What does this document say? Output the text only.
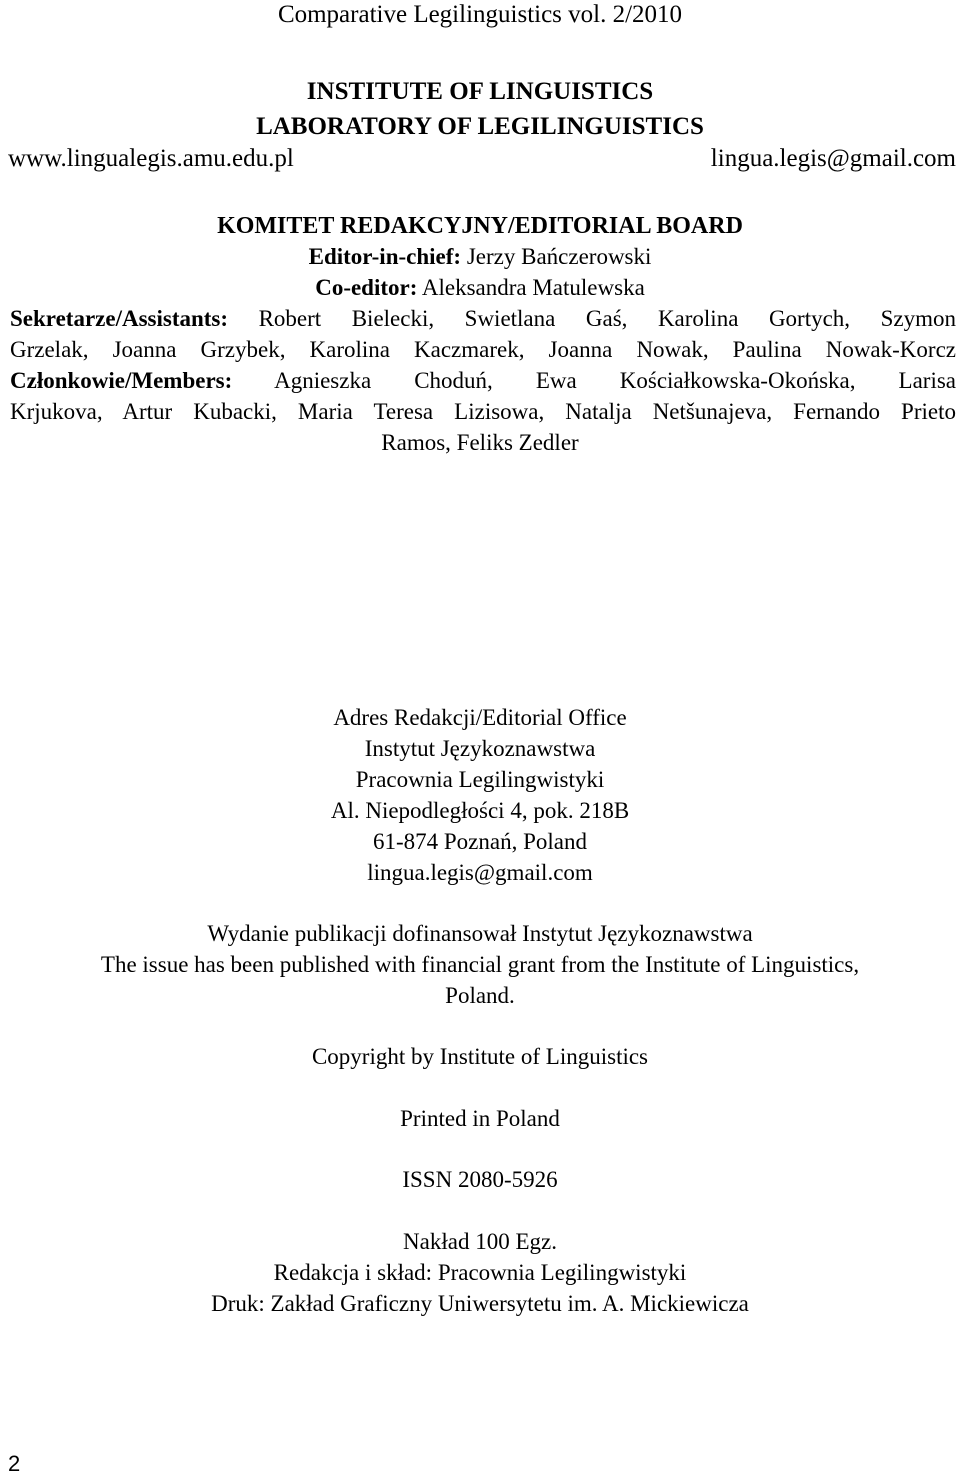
Comparative Legilinguistics vol. 2/2010
INSTITUTE OF LINGUISTICS
LABORATORY OF LEGILINGUISTICS
www.lingualegis.amu.edu.pl	lingua.legis@gmail.com
KOMITET REDAKCYJNY/EDITORIAL BOARD
Editor-in-chief: Jerzy Bańczerowski
Co-editor: Aleksandra Matulewska
Sekretarze/Assistants: Robert Bielecki, Swietlana Gaś, Karolina Gortych, Szymon
Grzelak, Joanna Grzybek, Karolina Kaczmarek, Joanna Nowak, Paulina Nowak-Korcz
Członkowie/Members: Agnieszka Choduń, Ewa Kościałkowska-Okońska, Larisa
Krjukova, Artur Kubacki, Maria Teresa Lizisowa, Natalja Netšunajeva, Fernando Prieto
Ramos, Feliks Zedler
Adres Redakcji/Editorial Office
Instytut Językoznawstwa
Pracownia Legilingwistyki
Al. Niepodległości 4, pok. 218B
61-874 Poznań, Poland
lingua.legis@gmail.com
Wydanie publikacji dofinansował Instytut Językoznawstwa
The issue has been published with financial grant from the Institute of Linguistics,
Poland.
Copyright by Institute of Linguistics
Printed in Poland
ISSN 2080-5926
Nakład 100 Egz.
Redakcja i skład: Pracownia Legilingwistyki
Druk: Zakład Graficzny Uniwersytetu im. A. Mickiewicza
2
